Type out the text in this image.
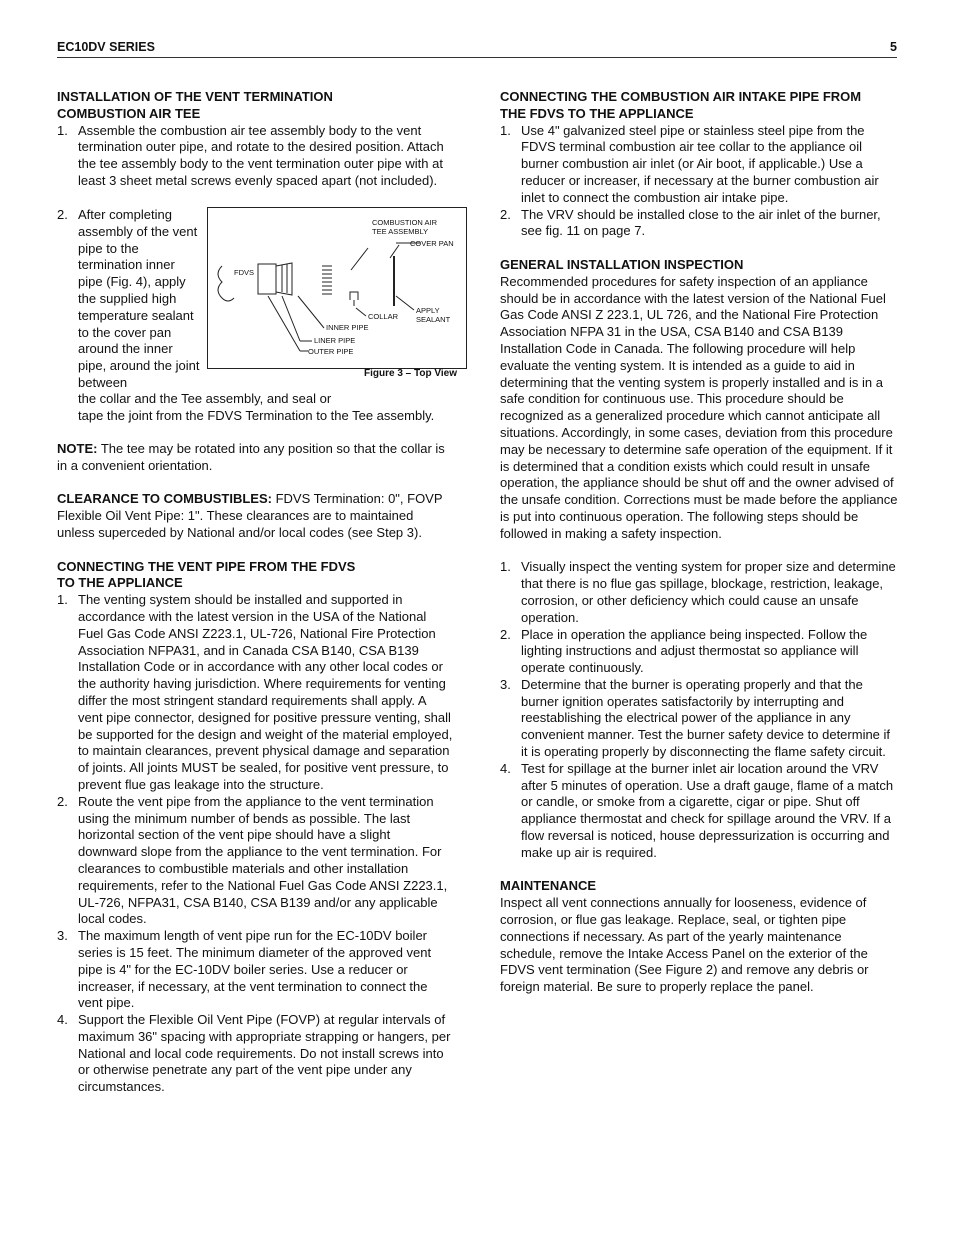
EC10DV SERIES	5

INSTALLATION OF THE VENT TERMINATION
COMBUSTION AIR TEE

1. Assemble the combustion air tee assembly body to the vent termination outer pipe, and rotate to the desired position. Attach the tee assembly body to the vent termination outer pipe with at least 3 sheet metal screws evenly spaced apart (not included).
2. After completing assembly of the vent pipe to the termination inner pipe (Fig. 4), apply the supplied high temperature sealant to the cover pan around the inner pipe, around the joint between
COMBUSTION AIR
TEE ASSEMBLY
COVER PAN
FDVS
APPLY
SEALANT
COLLAR
INNER PIPE
LINER PIPE
OUTER PIPE
Figure 3 – Top View
the collar and the Tee assembly, and seal or
tape the joint from the FDVS Termination to the Tee assembly.

NOTE: The tee may be rotated into any position so that the collar is in a convenient orientation.

CLEARANCE TO COMBUSTIBLES: FDVS Termination: 0", FOVP Flexible Oil Vent Pipe: 1". These clearances are to maintained unless superceded by National and/or local codes (see Step 3).

CONNECTING THE VENT PIPE FROM THE FDVS
TO THE APPLIANCE

1. The venting system should be installed and supported in accordance with the latest version in the USA of the National Fuel Gas Code ANSI Z223.1, UL-726, National Fire Protection Association NFPA31, and in Canada CSA B140, CSA B139 Installation Code or in accordance with any other local codes or the authority having jurisdiction. Where requirements for venting differ the most stringent standard requirements shall apply. A vent pipe connector, designed for positive pressure venting, shall be supported for the design and weight of the material employed, to maintain clearances, prevent physical damage and separation of joints. All joints MUST be sealed, for positive vent pressure, to prevent flue gas leakage into the structure.
2. Route the vent pipe from the appliance to the vent termination using the minimum number of bends as possible. The last horizontal section of the vent pipe should have a slight downward slope from the appliance to the vent termination. For clearances to combustible materials and other installation requirements, refer to the National Fuel Gas Code ANSI Z223.1, UL-726, NFPA31, CSA B140, CSA B139 and/or any applicable local codes.
3. The maximum length of vent pipe run for the EC-10DV boiler series is 15 feet. The minimum diameter of the approved vent pipe is 4" for the EC-10DV boiler series. Use a reducer or increaser, if necessary, at the vent termination to connect the vent pipe.
4. Support the Flexible Oil Vent Pipe (FOVP) at regular intervals of maximum 36" spacing with appropriate strapping or hangers, per National and local code requirements. Do not install screws into or otherwise penetrate any part of the vent pipe under any circumstances.

CONNECTING THE COMBUSTION AIR INTAKE PIPE FROM
THE FDVS TO THE APPLIANCE

1. Use 4" galvanized steel pipe or stainless steel pipe from the FDVS terminal combustion air tee collar to the appliance oil burner combustion air inlet (or Air boot, if applicable.) Use a reducer or increaser, if necessary at the burner combustion air inlet to connect the combustion air intake pipe.
2. The VRV should be installed close to the air inlet of the burner, see fig. 11 on page 7.

GENERAL INSTALLATION INSPECTION

Recommended procedures for safety inspection of an appliance should be in accordance with the latest version of the National Fuel Gas Code ANSI Z 223.1, UL 726, and the National Fire Protection Association NFPA 31 in the USA, CSA B140 and CSA B139 Installation Code in Canada. The following procedure will help evaluate the venting system. It is intended as a guide to aid in determining that the venting system is properly installed and is in a safe condition for continuous use. This procedure should be recognized as a generalized procedure which cannot anticipate all situations. Accordingly, in some cases, deviation from this procedure may be necessary to determine safe operation of the equipment. If it is determined that a condition exists which could result in unsafe operation, the appliance should be shut off and the owner advised of the unsafe condition. Corrections must be made before the appliance is put into continuous operation. The following steps should be followed in making a safety inspection.

1. Visually inspect the venting system for proper size and determine that there is no flue gas spillage, blockage, restriction, leakage, corrosion, or other deficiency which could cause an unsafe operation.
2. Place in operation the appliance being inspected. Follow the lighting instructions and adjust thermostat so appliance will operate continuously.
3. Determine that the burner is operating properly and that the burner ignition operates satisfactorily by interrupting and reestablishing the electrical power of the appliance in any convenient manner. Test the burner safety device to determine if it is operating properly by disconnecting the flame safety circuit.
4. Test for spillage at the burner inlet air location around the VRV after 5 minutes of operation. Use a draft gauge, flame of a match or candle, or smoke from a cigarette, cigar or pipe. Shut off appliance thermostat and check for spillage around the VRV. If a flow reversal is noticed, house depressurization is occurring and make up air is required.

MAINTENANCE

Inspect all vent connections annually for looseness, evidence of corrosion, or flue gas leakage. Replace, seal, or tighten pipe connections if necessary. As part of the yearly maintenance schedule, remove the Intake Access Panel on the exterior of the FDVS vent termination (See Figure 2) and remove any debris or foreign material. Be sure to properly replace the panel.
